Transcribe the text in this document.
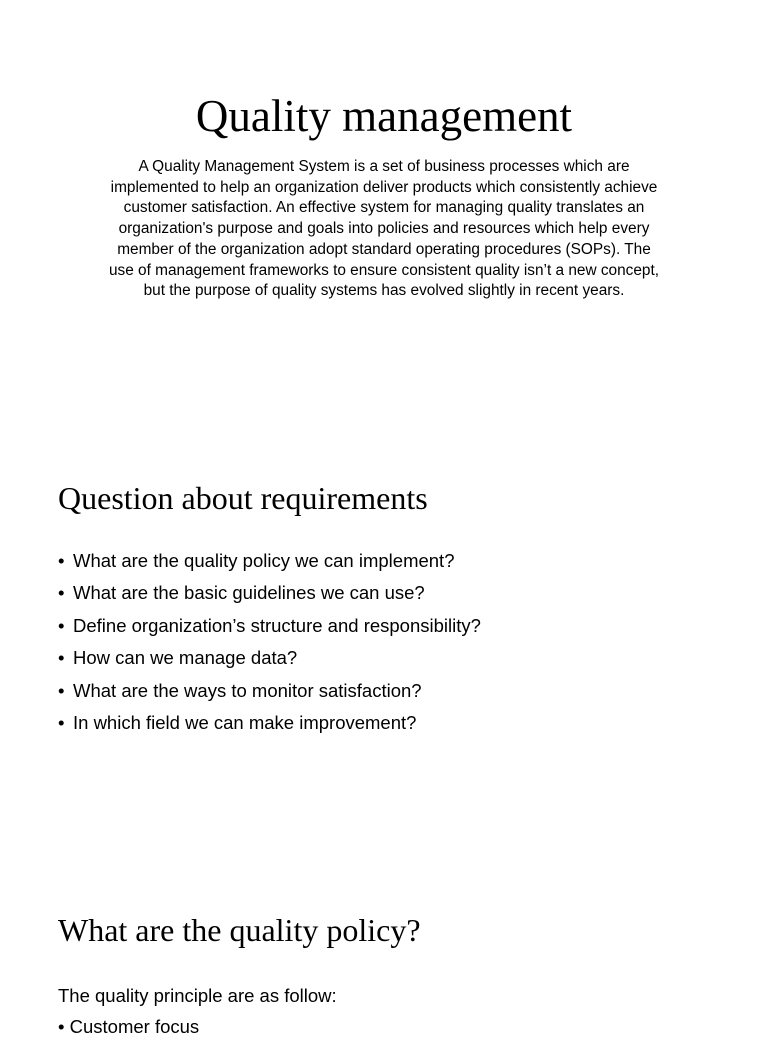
Quality management

A Quality Management System is a set of business processes which are implemented to help an organization deliver products which consistently achieve customer satisfaction. An effective system for managing quality translates an organization's purpose and goals into policies and resources which help every member of the organization adopt standard operating procedures (SOPs). The use of management frameworks to ensure consistent quality isn’t a new concept, but the purpose of quality systems has evolved slightly in recent years.

Question about requirements
• What are the quality policy we can implement?
• What are the basic guidelines we can use?
• Define organization’s structure and responsibility?
• How can we manage data?
• What are the ways to monitor satisfaction?
• In which field we can make improvement?
What are the quality policy?

The quality principle are as follow:

• Customer focus
